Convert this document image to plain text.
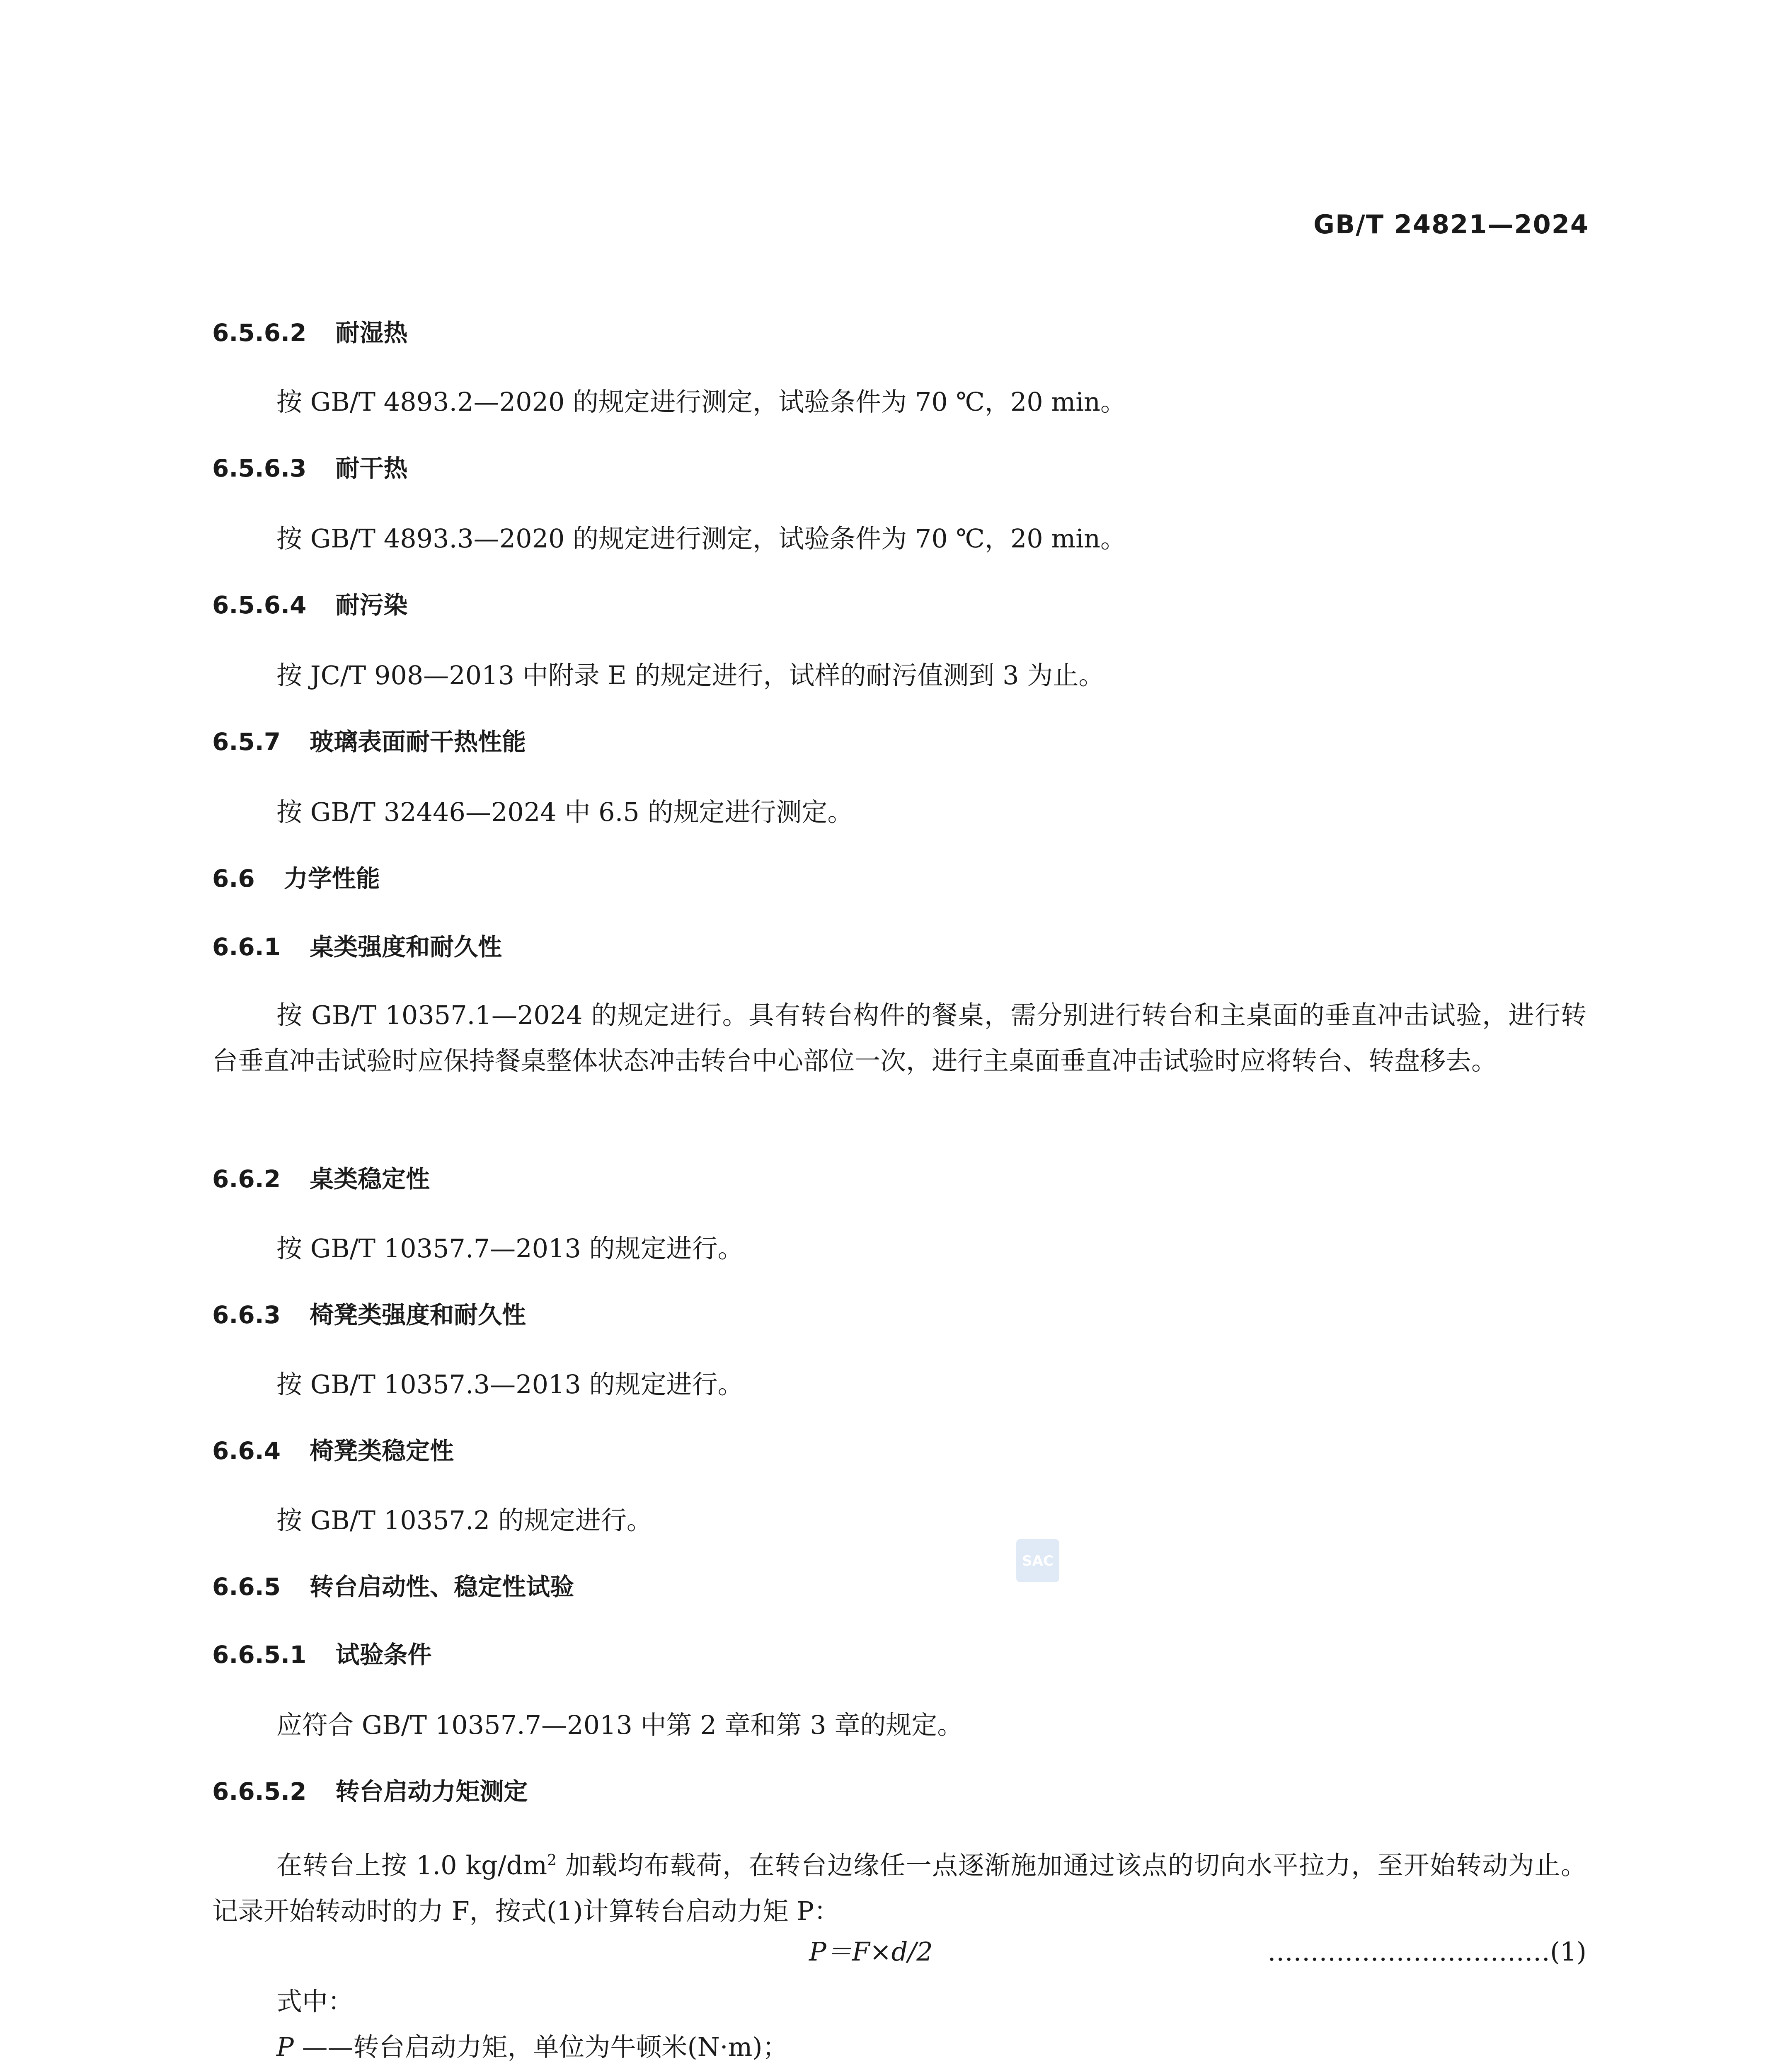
GB/T 24821—2024
6.5.6.2 耐湿热
按 GB/T 4893.2—2020 的规定进行测定，试验条件为 70 ℃，20 min。
6.5.6.3 耐干热
按 GB/T 4893.3—2020 的规定进行测定，试验条件为 70 ℃，20 min。
6.5.6.4 耐污染
按 JC/T 908—2013 中附录 E 的规定进行，试样的耐污值测到 3 为止。
6.5.7 玻璃表面耐干热性能
按 GB/T 32446—2024 中 6.5 的规定进行测定。
6.6 力学性能
6.6.1 桌类强度和耐久性
按 GB/T 10357.1—2024 的规定进行。具有转台构件的餐桌，需分别进行转台和主桌面的垂直冲击试验，进行转台垂直冲击试验时应保持餐桌整体状态冲击转台中心部位一次，进行主桌面垂直冲击试验时应将转台、转盘移去。
6.6.2 桌类稳定性
按 GB/T 10357.7—2013 的规定进行。
6.6.3 椅凳类强度和耐久性
按 GB/T 10357.3—2013 的规定进行。
6.6.4 椅凳类稳定性
按 GB/T 10357.2 的规定进行。
6.6.5 转台启动性、稳定性试验
6.6.5.1 试验条件
应符合 GB/T 10357.7—2013 中第 2 章和第 3 章的规定。
6.6.5.2 转台启动力矩测定
在转台上按 1.0 $kg/dm^2$ 加载均布载荷，在转台边缘任一点逐渐施加通过该点的切向水平拉力，至开始转动为止。记录开始转动时的力 F，按式(1)计算转台启动力矩 P：
P＝F×d/2	……………………………(1)
式中：
P ——转台启动力矩，单位为牛顿米(N·m)；

SAC
